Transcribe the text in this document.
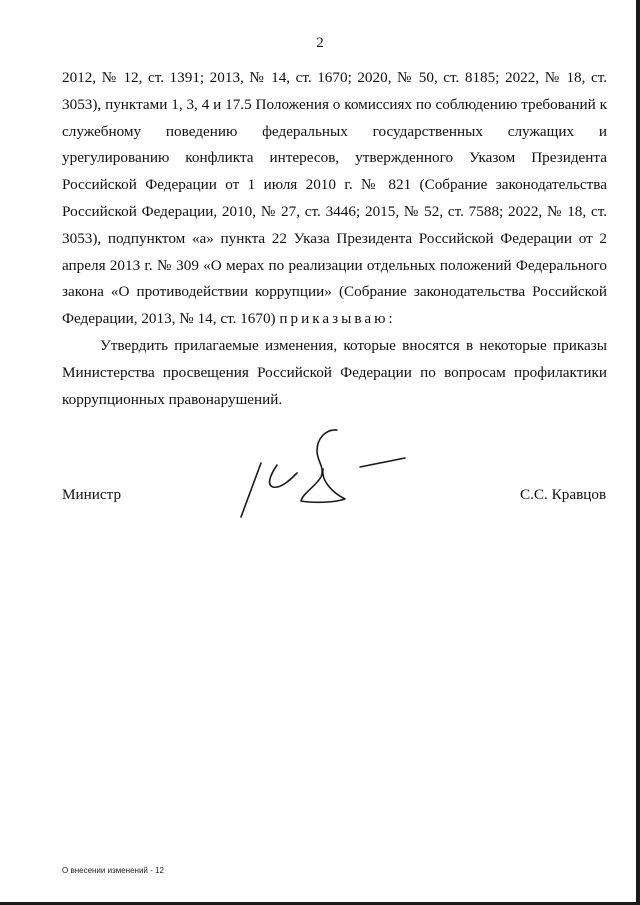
2

2012, № 12, ст. 1391; 2013, № 14, ст. 1670; 2020, № 50, ст. 8185; 2022, № 18, ст. 3053), пунктами 1, 3, 4 и 17.5 Положения о комиссиях по соблюдению требований к служебному поведению федеральных государственных служащих и урегулированию конфликта интересов, утвержденного Указом Президента Российской Федерации от 1 июля 2010 г. № 821 (Собрание законодательства Российской Федерации, 2010, № 27, ст. 3446; 2015, № 52, ст. 7588; 2022, № 18, ст. 3053), подпунктом «а» пункта 22 Указа Президента Российской Федерации от 2 апреля 2013 г. № 309 «О мерах по реализации отдельных положений Федерального закона «О противодействии коррупции» (Собрание законодательства Российской Федерации, 2013, № 14, ст. 1670) приказываю:

Утвердить прилагаемые изменения, которые вносятся в некоторые приказы Министерства просвещения Российской Федерации по вопросам профилактики коррупционных правонарушений.

Министр	С.С. Кравцов
О внесении изменений - 12
